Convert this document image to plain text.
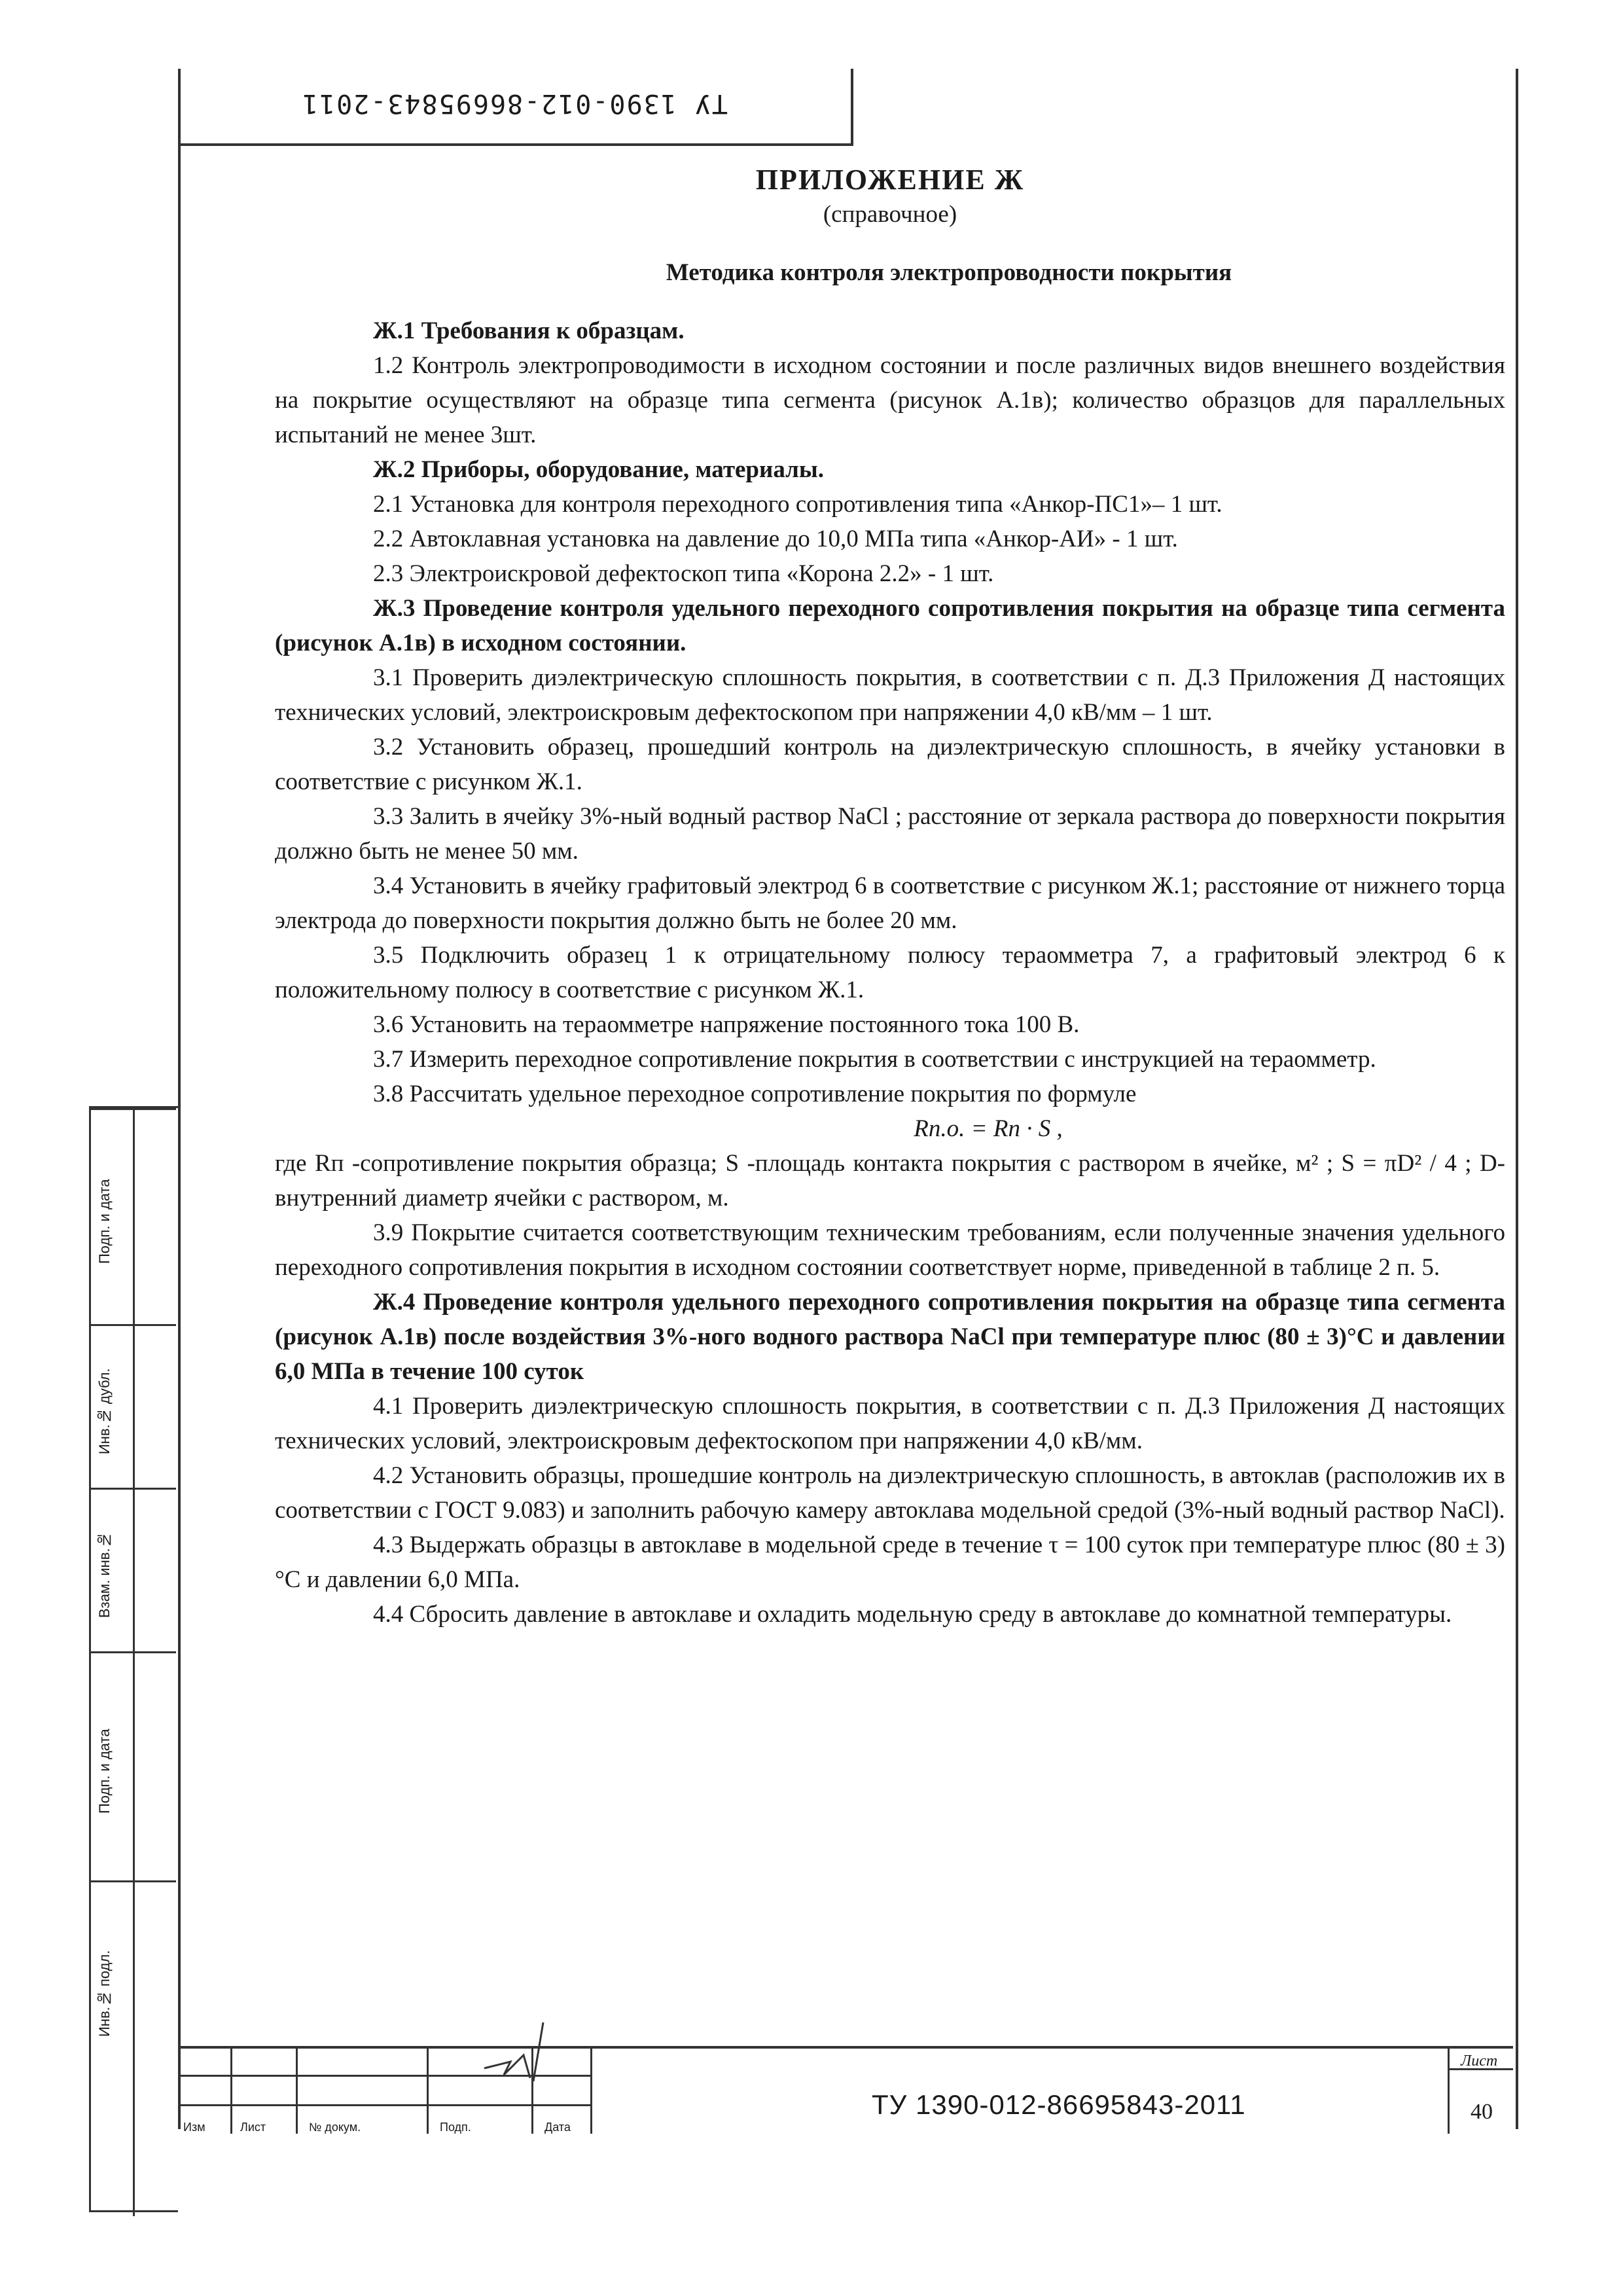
ТУ 1390-012-86695843-2011
ПРИЛОЖЕНИЕ Ж
(справочное)
Методика контроля электропроводности покрытия

Ж.1 Требования к образцам.

1.2 Контроль электропроводимости в исходном состоянии и после различных видов внешнего воздействия на покрытие осуществляют на образце типа сегмента (рисунок А.1в); количество образцов для параллельных испытаний не менее 3шт.

Ж.2 Приборы, оборудование, материалы.

2.1 Установка для контроля переходного сопротивления типа «Анкор-ПС1»– 1 шт.

2.2 Автоклавная установка на давление до 10,0 МПа типа «Анкор-АИ» - 1 шт.

2.3 Электроискровой дефектоскоп типа «Корона 2.2» - 1 шт.

Ж.3 Проведение контроля удельного переходного сопротивления покрытия на образце типа сегмента (рисунок А.1в) в исходном состоянии.

3.1 Проверить диэлектрическую сплошность покрытия, в соответствии с п. Д.3 Приложения Д настоящих технических условий, электроискровым дефектоскопом при напряжении 4,0 кВ/мм – 1 шт.

3.2 Установить образец, прошедший контроль на диэлектрическую сплошность, в ячейку установки в соответствие с рисунком Ж.1.

3.3 Залить в ячейку 3%-ный водный раствор NaCl ; расстояние от зеркала раствора до поверхности покрытия должно быть не менее 50 мм.

3.4 Установить в ячейку графитовый электрод 6 в соответствие с рисунком Ж.1; расстояние от нижнего торца электрода до поверхности покрытия должно быть не более 20 мм.

3.5 Подключить образец 1 к отрицательному полюсу тераомметра 7, а графитовый электрод 6 к положительному полюсу в соответствие с рисунком Ж.1.

3.6 Установить на тераомметре напряжение постоянного тока 100 В.

3.7 Измерить переходное сопротивление покрытия в соответствии с инструкцией на тераомметр.

3.8 Рассчитать удельное переходное сопротивление покрытия по формуле

Rп.о. = Rп · S ,

где Rп -сопротивление покрытия образца; S -площадь контакта покрытия с раствором в ячейке, м² ; S = πD² / 4 ; D-внутренний диаметр ячейки с раствором, м.

3.9 Покрытие считается соответствующим техническим требованиям, если полученные значения удельного переходного сопротивления покрытия в исходном состоянии соответствует норме, приведенной в таблице 2 п. 5.

Ж.4 Проведение контроля удельного переходного сопротивления покрытия на образце типа сегмента (рисунок А.1в) после воздействия 3%-ного водного раствора NaCl при температуре плюс (80 ± 3)°С и давлении 6,0 МПа в течение 100 суток

4.1 Проверить диэлектрическую сплошность покрытия, в соответствии с п. Д.3 Приложения Д настоящих технических условий, электроискровым дефектоскопом при напряжении 4,0 кВ/мм.

4.2 Установить образцы, прошедшие контроль на диэлектрическую сплошность, в автоклав (расположив их в соответствии с ГОСТ 9.083) и заполнить рабочую камеру автоклава модельной средой (3%-ный водный раствор NaCl).

4.3 Выдержать образцы в автоклаве в модельной среде в течение τ = 100 суток при температуре плюс (80 ± 3) °С и давлении 6,0 МПа.

4.4 Сбросить давление в автоклаве и охладить модельную среду в автоклаве до комнатной температуры.

Подп. и дата
Инв.№ дубл.
Взам. инв.№
Подп. и дата
Инв.№ подл.
Изм	Лист	№ докум.	Подп.	Дата
ТУ 1390-012-86695843-2011
Лист
40
